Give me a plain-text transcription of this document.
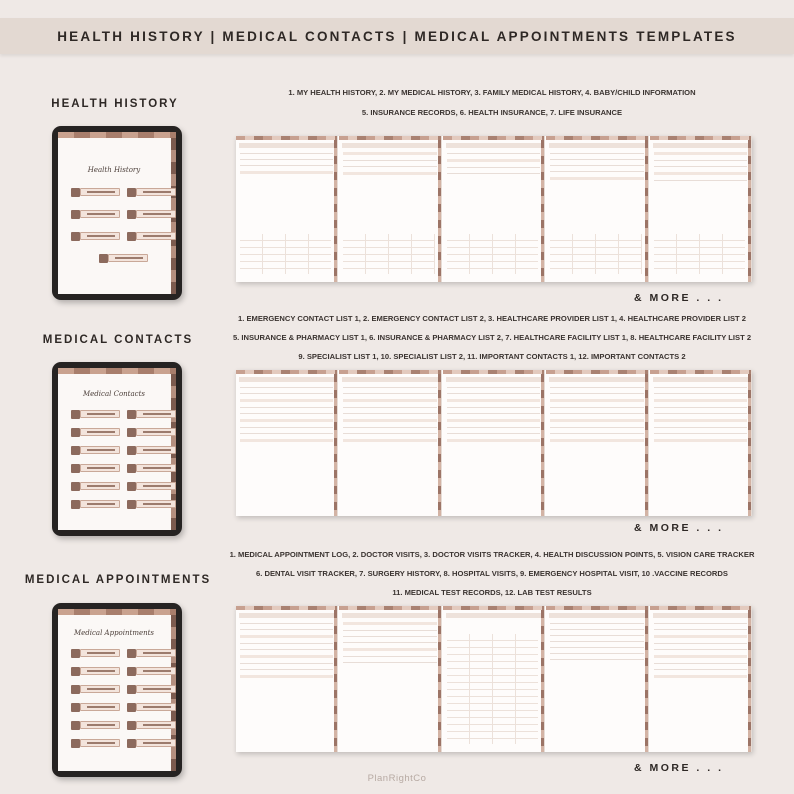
HEALTH HISTORY | MEDICAL CONTACTS | MEDICAL APPOINTMENTS TEMPLATES
HEALTH HISTORY
Health History
1. MY HEALTH HISTORY, 2. MY MEDICAL HISTORY, 3. FAMILY MEDICAL HISTORY, 4. BABY/CHILD INFORMATION
5. INSURANCE RECORDS, 6. HEALTH INSURANCE, 7. LIFE INSURANCE
& MORE . . .
MEDICAL CONTACTS
Medical Contacts
1. EMERGENCY CONTACT LIST 1, 2. EMERGENCY CONTACT LIST 2, 3. HEALTHCARE PROVIDER LIST 1, 4. HEALTHCARE PROVIDER LIST 2
5. INSURANCE & PHARMACY LIST 1, 6. INSURANCE & PHARMACY LIST 2, 7. HEALTHCARE FACILITY LIST 1, 8. HEALTHCARE FACILITY LIST 2
9. SPECIALIST LIST 1, 10. SPECIALIST LIST 2, 11. IMPORTANT CONTACTS 1, 12. IMPORTANT CONTACTS 2
& MORE . . .
MEDICAL APPOINTMENTS
Medical Appointments
1. MEDICAL APPOINTMENT LOG, 2. DOCTOR VISITS, 3. DOCTOR VISITS TRACKER, 4. HEALTH DISCUSSION POINTS, 5. VISION CARE TRACKER
6. DENTAL VISIT TRACKER, 7. SURGERY HISTORY, 8. HOSPITAL VISITS, 9. EMERGENCY HOSPITAL VISIT, 10 .VACCINE RECORDS
11. MEDICAL TEST RECORDS, 12. LAB TEST RESULTS
& MORE . . .
PlanRightCo
